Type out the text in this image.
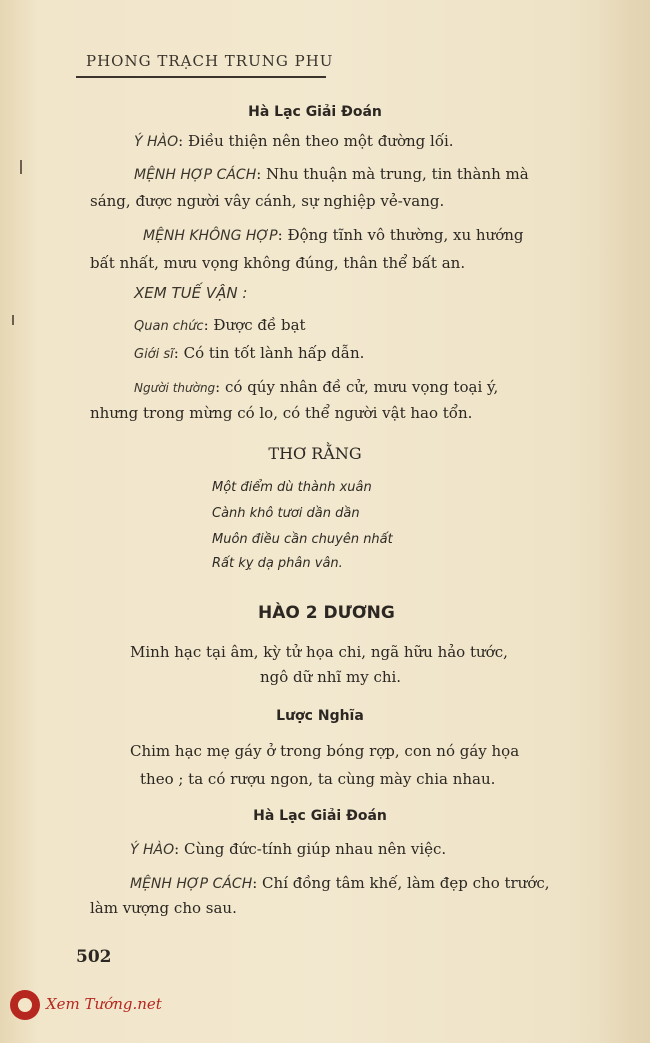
PHONG TRẠCH TRUNG PHU
Hà Lạc Giải Đoán
Ý HÀO: Điều thiện nên theo một đường lối.
MỆNH HỢP CÁCH: Nhu thuận mà trung, tin thành mà
sáng, được người vây cánh, sự nghiệp vẻ-vang.
MỆNH KHÔNG HỢP: Động tĩnh vô thường, xu hướng
bất nhất, mưu vọng không đúng, thân thể bất an.
XEM TUẾ VẬN :
Quan chức: Được đề bạt
Giới sĩ: Có tin tốt lành hấp dẫn.
Người thường: có qúy nhân đề cử, mưu vọng toại ý,
nhưng trong mừng có lo, có thể người vật hao tổn.
THƠ RẰNG
Một điểm dù thành xuân
Cành khô tươi dần dần
Muôn điều cần chuyên nhất
Rất kỵ dạ phân vân.
HÀO 2 DƯƠNG
Minh hạc tại âm, kỳ tử họa chi, ngã hữu hảo tước,
ngô dữ nhĩ my chi.
Lược Nghĩa
Chim hạc mẹ gáy ở trong bóng rợp, con nó gáy họa
theo ; ta có rượu ngon, ta cùng mày chia nhau.
Hà Lạc Giải Đoán
Ý HÀO: Cùng đức-tính giúp nhau nên việc.
MỆNH HỢP CÁCH: Chí đồng tâm khế, làm đẹp cho trước,
làm vượng cho sau.
502
Xem Tướng.net
